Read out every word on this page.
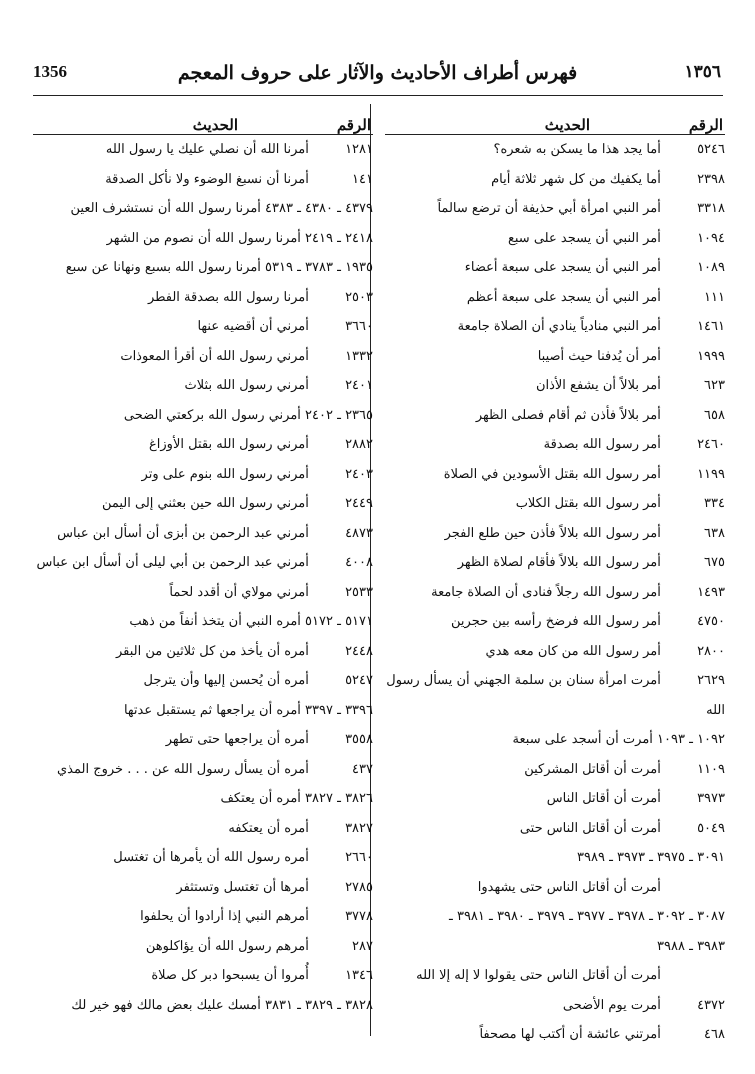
1356	فهرس أطراف الأحاديث والآثار على حروف المعجم	١٣٥٦
الرقم
الحديث
٥٢٤٦ أما يجد هذا ما يسكن به شعره؟
٢٣٩٨ أما يكفيك من كل شهر ثلاثة أيام
٣٣١٨ أمر النبي امرأة أبي حذيفة أن ترضع سالماً
١٠٩٤ أمر النبي أن يسجد على سبع
١٠٨٩ أمر النبي أن يسجد على سبعة أعضاء
١١١ أمر النبي أن يسجد على سبعة أعظم
١٤٦١ أمر النبي منادياً ينادي أن الصلاة جامعة
١٩٩٩ أمر أن يُدفنا حيث أصيبا
٦٢٣ أمر بلالاً أن يشفع الأذان
٦٥٨ أمر بلالاً فأذن ثم أقام فصلى الظهر
٢٤٦٠ أمر رسول الله بصدقة
١١٩٩ أمر رسول الله بقتل الأسودين في الصلاة
٣٣٤ أمر رسول الله بقتل الكلاب
٦٣٨ أمر رسول الله بلالاً فأذن حين طلع الفجر
٦٧٥ أمر رسول الله بلالاً فأقام لصلاة الظهر
١٤٩٣ أمر رسول الله رجلاً فنادى أن الصلاة جامعة
٤٧٥٠ أمر رسول الله فرضخ رأسه بين حجرين
٢٨٠٠ أمر رسول الله من كان معه هدي
٢٦٢٩ أمرت امرأة سنان بن سلمة الجهني أن يسأل رسول الله
١٠٩٢ ـ ١٠٩٣ أمرت أن أسجد على سبعة
١١٠٩ أمرت أن أقاتل المشركين
٣٩٧٣ أمرت أن أقاتل الناس
٥٠٤٩ أمرت أن أقاتل الناس حتى
٣٠٩١ ـ ٣٩٧٥ ـ ٣٩٧٣ ـ ٣٩٨٩
أمرت أن أقاتل الناس حتى يشهدوا
٣٠٨٧ ـ ٣٠٩٢ ـ ٣٩٧٨ ـ ٣٩٧٧ ـ ٣٩٧٩ ـ ٣٩٨٠ ـ ٣٩٨١ ـ
٣٩٨٣ ـ ٣٩٨٨
أمرت أن أقاتل الناس حتى يقولوا لا إله إلا الله
٤٣٧٢ أمرت يوم الأضحى
٤٦٨ أمرتني عائشة أن أكتب لها مصحفاً
الرقم
الحديث
١٢٨١ أمرنا الله أن نصلي عليك يا رسول الله
١٤١ أمرنا أن نسبغ الوضوء ولا نأكل الصدقة
٤٣٧٩ ـ ٤٣٨٠ ـ ٤٣٨٣ أمرنا رسول الله أن نستشرف العين
٢٤١٨ ـ ٢٤١٩ أمرنا رسول الله أن نصوم من الشهر
١٩٣٥ ـ ٣٧٨٣ ـ ٥٣١٩ أمرنا رسول الله بسبع ونهانا عن سبع
٢٥٠٣ أمرنا رسول الله بصدقة الفطر
٣٦٦٠ أمرني أن أقضيه عنها
١٣٣٢ أمرني رسول الله أن أقرأ المعوذات
٢٤٠١ أمرني رسول الله بثلاث
٢٣٦٥ ـ ٢٤٠٢ أمرني رسول الله بركعتي الضحى
٢٨٨٢ أمرني رسول الله بقتل الأوزاغ
٢٤٠٣ أمرني رسول الله بنوم على وتر
٢٤٤٩ أمرني رسول الله حين بعثني إلى اليمن
٤٨٧٣ أمرني عبد الرحمن بن أبزى أن أسأل ابن عباس
٤٠٠٨ أمرني عبد الرحمن بن أبي ليلى أن أسأل ابن عباس
٢٥٣٣ أمرني مولاي أن أقدد لحماً
٥١٧١ ـ ٥١٧٢ أمره النبي أن يتخذ أنفاً من ذهب
٢٤٤٨ أمره أن يأخذ من كل ثلاثين من البقر
٥٢٤٧ أمره أن يُحسن إليها وأن يترجل
٣٣٩٦ ـ ٣٣٩٧ أمره أن يراجعها ثم يستقبل عدتها
٣٥٥٨ أمره أن يراجعها حتى تطهر
٤٣٧ أمره أن يسأل رسول الله عن . . . خروج المذي
٣٨٢٦ ـ ٣٨٢٧ أمره أن يعتكف
٣٨٢٧ أمره أن يعتكفه
٢٦٦٠ أمره رسول الله أن يأمرها أن تغتسل
٢٧٨٥ أمرها أن تغتسل وتستثفر
٣٧٧٨ أمرهم النبي إذا أرادوا أن يحلفوا
٢٨٧ أمرهم رسول الله أن يؤاكلوهن
١٣٤٦ أُمروا أن يسبحوا دبر كل صلاة
٣٨٢٨ ـ ٣٨٢٩ ـ ٣٨٣١ أمسك عليك بعض مالك فهو خير لك
